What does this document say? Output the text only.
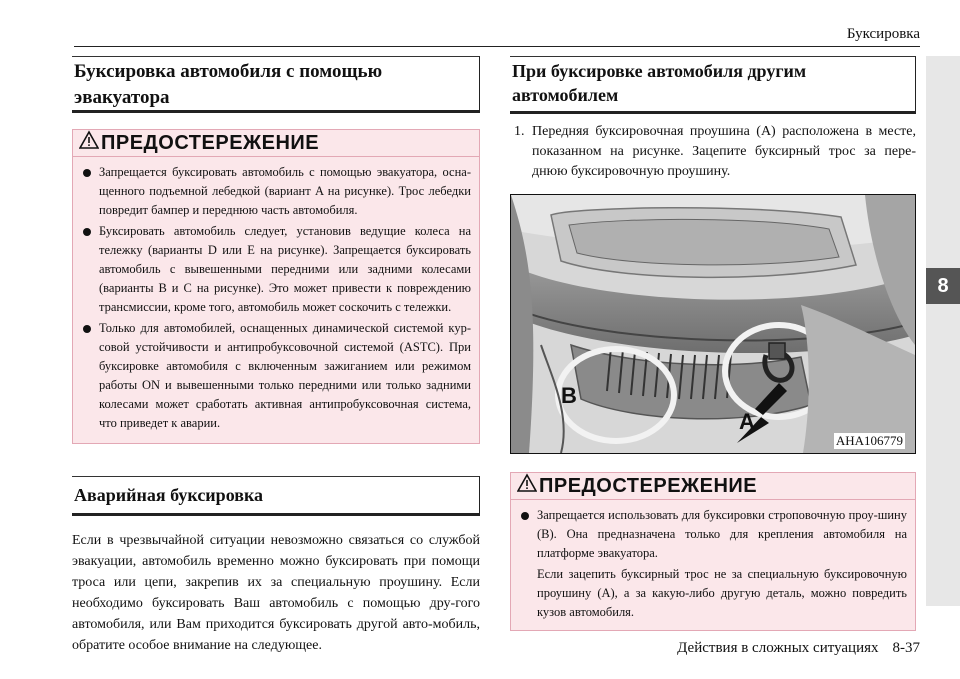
Буксировка
8
Буксировка автомобиля с помощью эвакуатора
ПРЕДОСТЕРЕЖЕНИЕ
Запрещается буксировать автомобиль с помощью эвакуатора, осна-щенного подъемной лебедкой (вариант A на рисунке). Трос лебедки повредит бампер и переднюю часть автомобиля.
Буксировать автомобиль следует, установив ведущие колеса на тележку (варианты D или E на рисунке). Запрещается буксировать автомобиль с вывешенными передними или задними колесами (варианты B и C на рисунке). Это может привести к повреждению трансмиссии, кроме того, автомобиль может соскочить с тележки.
Только для автомобилей, оснащенных динамической системой кур-совой устойчивости и антипробуксовочной системой (ASTC). При буксировке автомобиля с включенным зажиганием или режимом работы ON и вывешенными только передними или только задними колесами может сработать активная антипробуксовочная система, что приведет к аварии.
Аварийная буксировка
Если в чрезвычайной ситуации невозможно связаться со службой эвакуации, автомобиль временно можно буксировать при помощи троса или цепи, закрепив их за специальную проушину. Если необходимо буксировать Ваш автомобиль с помощью дру-гого автомобиля, или Вам приходится буксировать другой авто-мобиль, обратите особое внимание на следующее.
При буксировке автомобиля другим автомобилем
1. Передняя буксировочная проушина (A) расположена в месте, показанном на рисунке. Зацепите буксирный трос за пере-днюю буксировочную проушину.
A
B
AHA106779
ПРЕДОСТЕРЕЖЕНИЕ
Запрещается использовать для буксировки строповочную проу-шину (B). Она предназначена только для крепления автомобиля на платформе эвакуатора.
Если зацепить буксирный трос не за специальную буксировочную проушину (A), а за какую-либо другую деталь, можно повредить кузов автомобиля.
Действия в сложных ситуациях 8-37
